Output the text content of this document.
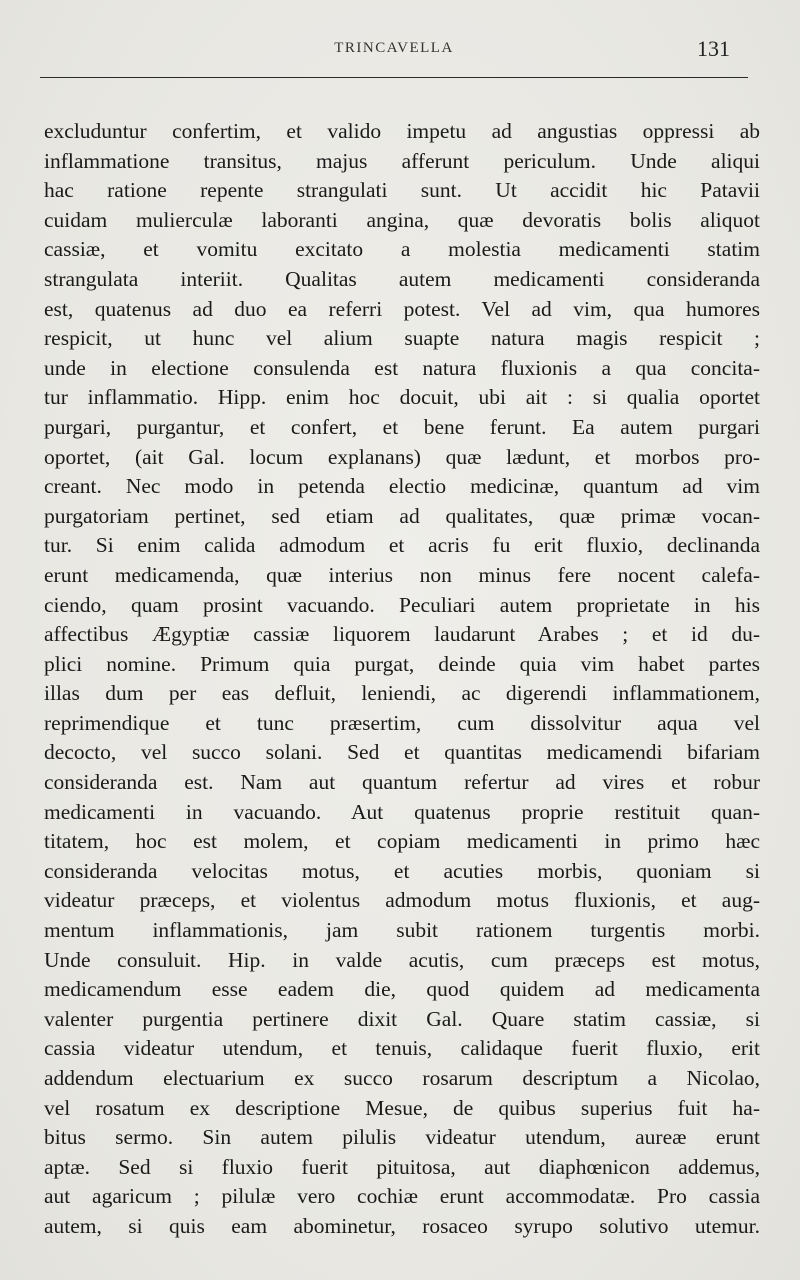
TRINCAVELLA	131
excluduntur confertim, et valido impetu ad angustias oppressi ab
inflammatione transitus, majus afferunt periculum. Unde aliqui
hac ratione repente strangulati sunt. Ut accidit hic Patavii
cuidam mulierculæ laboranti angina, quæ devoratis bolis aliquot
cassiæ, et vomitu excitato a molestia medicamenti statim
strangulata interiit. Qualitas autem medicamenti consideranda
est, quatenus ad duo ea referri potest. Vel ad vim, qua humores
respicit, ut hunc vel alium suapte natura magis respicit ;
unde in electione consulenda est natura fluxionis a qua concita-
tur inflammatio. Hipp. enim hoc docuit, ubi ait : si qualia oportet
purgari, purgantur, et confert, et bene ferunt. Ea autem purgari
oportet, (ait Gal. locum explanans) quæ lædunt, et morbos pro-
creant. Nec modo in petenda electio medicinæ, quantum ad vim
purgatoriam pertinet, sed etiam ad qualitates, quæ primæ vocan-
tur. Si enim calida admodum et acris fu erit fluxio, declinanda
erunt medicamenda, quæ interius non minus fere nocent calefa-
ciendo, quam prosint vacuando. Peculiari autem proprietate in his
affectibus Ægyptiæ cassiæ liquorem laudarunt Arabes ; et id du-
plici nomine. Primum quia purgat, deinde quia vim habet partes
illas dum per eas defluit, leniendi, ac digerendi inflammationem,
reprimendique et tunc præsertim, cum dissolvitur aqua vel
decocto, vel succo solani. Sed et quantitas medicamendi bifariam
consideranda est. Nam aut quantum refertur ad vires et robur
medicamenti in vacuando. Aut quatenus proprie restituit quan-
titatem, hoc est molem, et copiam medicamenti in primo hæc
consideranda velocitas motus, et acuties morbis, quoniam si
videatur præceps, et violentus admodum motus fluxionis, et aug-
mentum inflammationis, jam subit rationem turgentis morbi.
Unde consuluit. Hip. in valde acutis, cum præceps est motus,
medicamendum esse eadem die, quod quidem ad medicamenta
valenter purgentia pertinere dixit Gal. Quare statim cassiæ, si
cassia videatur utendum, et tenuis, calidaque fuerit fluxio, erit
addendum electuarium ex succo rosarum descriptum a Nicolao,
vel rosatum ex descriptione Mesue, de quibus superius fuit ha-
bitus sermo. Sin autem pilulis videatur utendum, aureæ erunt
aptæ. Sed si fluxio fuerit pituitosa, aut diaphœnicon addemus,
aut agaricum ; pilulæ vero cochiæ erunt accommodatæ. Pro cassia
autem, si quis eam abominetur, rosaceo syrupo solutivo utemur.
